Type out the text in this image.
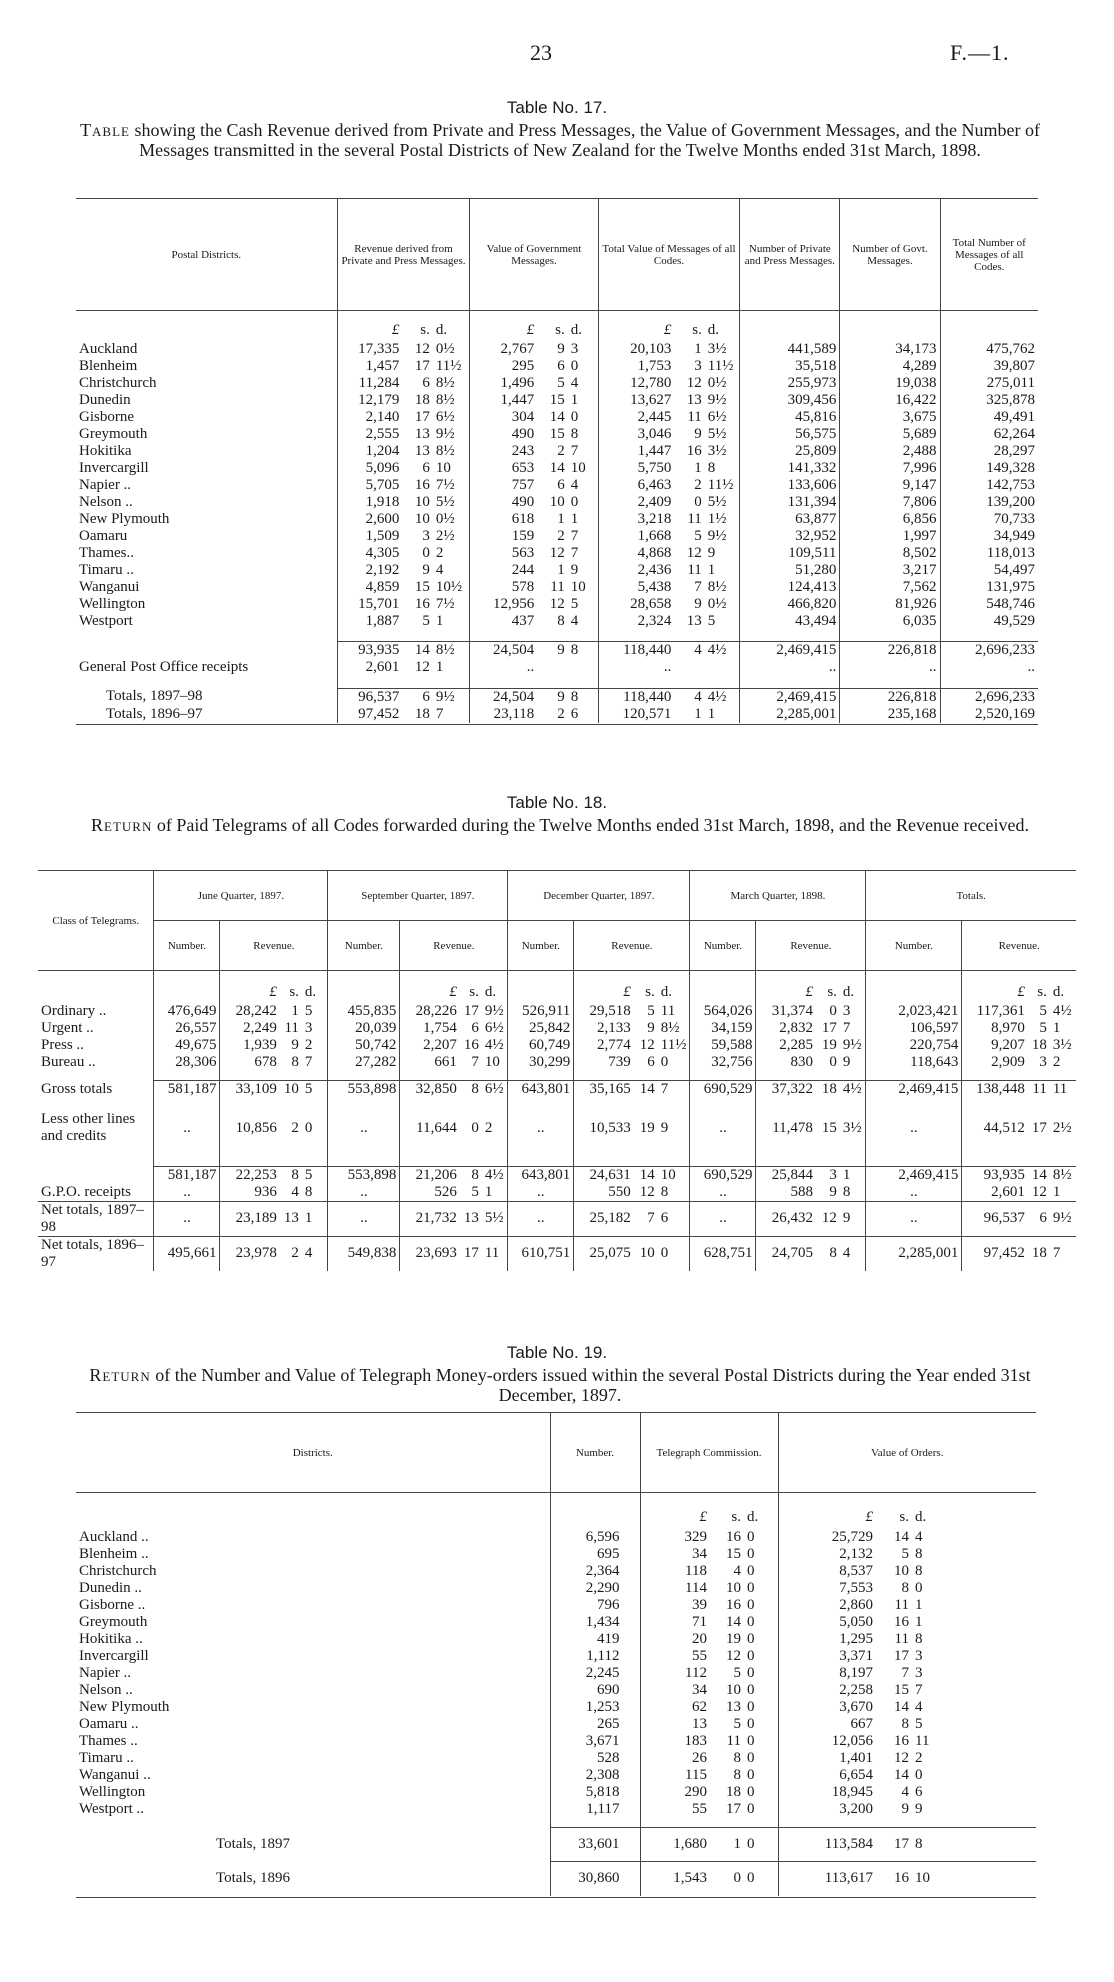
23	F.—1.
Table No. 17.
Table showing the Cash Revenue derived from Private and Press Messages, the Value of Government Messages, and the Number of Messages transmitted in the several Postal Districts of New Zealand for the Twelve Months ended 31st March, 1898.
Postal Districts.	Revenue derived from Private and Press Messages.			Value of Government Messages.			Total Value of Messages of all Codes.			Number of Private and Press Messages.	Number of Govt. Messages.	Total Number of Messages of all Codes.
	£	s.	d.	£	s.	d.	£	s.	d.			
Auckland	17,335	12	0½	2,767	9	3	20,103	1	3½	441,589	34,173	475,762
Blenheim	1,457	17	11½	295	6	0	1,753	3	11½	35,518	4,289	39,807
Christchurch	11,284	6	8½	1,496	5	4	12,780	12	0½	255,973	19,038	275,011
Dunedin	12,179	18	8½	1,447	15	1	13,627	13	9½	309,456	16,422	325,878
Gisborne	2,140	17	6½	304	14	0	2,445	11	6½	45,816	3,675	49,491
Greymouth	2,555	13	9½	490	15	8	3,046	9	5½	56,575	5,689	62,264
Hokitika	1,204	13	8½	243	2	7	1,447	16	3½	25,809	2,488	28,297
Invercargill	5,096	6	10	653	14	10	5,750	1	8	141,332	7,996	149,328
Napier ..	5,705	16	7½	757	6	4	6,463	2	11½	133,606	9,147	142,753
Nelson ..	1,918	10	5½	490	10	0	2,409	0	5½	131,394	7,806	139,200
New Plymouth	2,600	10	0½	618	1	1	3,218	11	1½	63,877	6,856	70,733
Oamaru	1,509	3	2½	159	2	7	1,668	5	9½	32,952	1,997	34,949
Thames..	4,305	0	2	563	12	7	4,868	12	9	109,511	8,502	118,013
Timaru ..	2,192	9	4	244	1	9	2,436	11	1	51,280	3,217	54,497
Wanganui	4,859	15	10½	578	11	10	5,438	7	8½	124,413	7,562	131,975
Wellington	15,701	16	7½	12,956	12	5	28,658	9	0½	466,820	81,926	548,746
Westport	1,887	5	1	437	8	4	2,324	13	5	43,494	6,035	49,529

	93,935	14	8½	24,504	9	8	118,440	4	4½	2,469,415	226,818	2,696,233
General Post Office receipts	2,601	12	1	..			..			..	..	..

Totals, 1897–98	96,537	6	9½	24,504	9	8	118,440	4	4½	2,469,415	226,818	2,696,233
Totals, 1896–97	97,452	18	7	23,118	2	6	120,571	1	1	2,285,001	235,168	2,520,169

Table No. 18.
Return of Paid Telegrams of all Codes forwarded during the Twelve Months ended 31st March, 1898, and the Revenue received.
Class of Telegrams.	June Quarter, 1897.				September Quarter, 1897.				December Quarter, 1897.				March Quarter, 1898.				Totals.			
	Number.	Revenue.			Number.	Revenue.			Number.	Revenue.			Number.	Revenue.			Number.	Revenue.		
		£	s.	d.		£	s.	d.		£	s.	d.		£	s.	d.		£	s.	d.
Ordinary ..	476,649	28,242	1	5	455,835	28,226	17	9½	526,911	29,518	5	11	564,026	31,374	0	3	2,023,421	117,361	5	4½
Urgent ..	26,557	2,249	11	3	20,039	1,754	6	6½	25,842	2,133	9	8½	34,159	2,832	17	7	106,597	8,970	5	1
Press ..	49,675	1,939	9	2	50,742	2,207	16	4½	60,749	2,774	12	11½	59,588	2,285	19	9½	220,754	9,207	18	3½
Bureau ..	28,306	678	8	7	27,282	661	7	10	30,299	739	6	0	32,756	830	0	9	118,643	2,909	3	2

Gross totals	581,187	33,109	10	5	553,898	32,850	8	6½	643,801	35,165	14	7	690,529	37,322	18	4½	2,469,415	138,448	11	11
Less other lines and credits	..	10,856	2	0	..	11,644	0	2	..	10,533	19	9	..	11,478	15	3½	..	44,512	17	2½

	581,187	22,253	8	5	553,898	21,206	8	4½	643,801	24,631	14	10	690,529	25,844	3	1	2,469,415	93,935	14	8½
G.P.O. receipts	..	936	4	8	..	526	5	1	..	550	12	8	..	588	9	8	..	2,601	12	1
Net totals, 1897–98	..	23,189	13	1	..	21,732	13	5½	..	25,182	7	6	..	26,432	12	9	..	96,537	6	9½
Net totals, 1896–97	495,661	23,978	2	4	549,838	23,693	17	11	610,751	25,075	10	0	628,751	24,705	8	4	2,285,001	97,452	18	7
Table No. 19.
Return of the Number and Value of Telegraph Money-orders issued within the several Postal Districts during the Year ended 31st December, 1897.
Districts.	Number.	Telegraph Commission.			Value of Orders.			
		£	s.	d.	£	s.	d.	
Auckland ..	6,596	329	16	0	25,729	14	4	
Blenheim ..	695	34	15	0	2,132	5	8	
Christchurch	2,364	118	4	0	8,537	10	8	
Dunedin ..	2,290	114	10	0	7,553	8	0	
Gisborne ..	796	39	16	0	2,860	11	1	
Greymouth	1,434	71	14	0	5,050	16	1	
Hokitika ..	419	20	19	0	1,295	11	8	
Invercargill	1,112	55	12	0	3,371	17	3	
Napier ..	2,245	112	5	0	8,197	7	3	
Nelson ..	690	34	10	0	2,258	15	7	
New Plymouth	1,253	62	13	0	3,670	14	4	
Oamaru ..	265	13	5	0	667	8	5	
Thames ..	3,671	183	11	0	12,056	16	11	
Timaru ..	528	26	8	0	1,401	12	2	
Wanganui ..	2,308	115	8	0	6,654	14	0	
Wellington	5,818	290	18	0	18,945	4	6	
Westport ..	1,117	55	17	0	3,200	9	9	

Totals, 1897	33,601	1,680	1	0	113,584	17	8	
Totals, 1896	30,860	1,543	0	0	113,617	16	10	
